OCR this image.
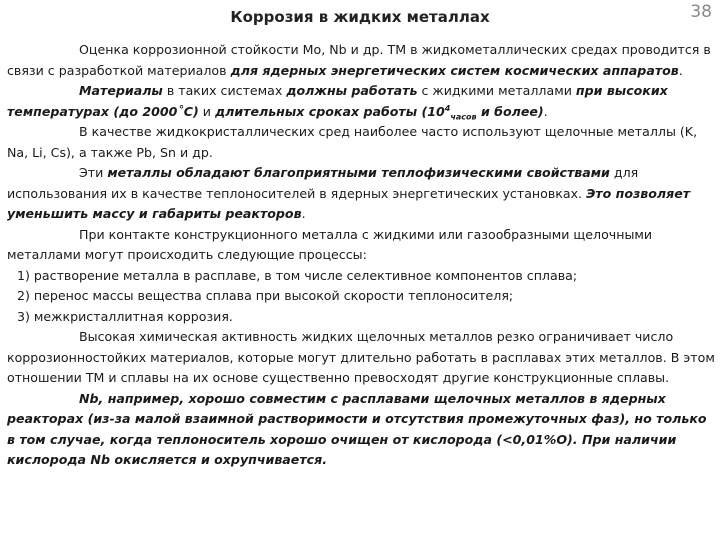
Коррозия в жидких металлах	38

Оценка коррозионной стойкости Mo, Nb и др. ТМ в жидкометаллических средах проводится в связи с разработкой материалов для ядерных энергетических систем космических аппаратов.

Материалы в таких системах должны работать с жидкими металлами при высоких температурах (до 2000˚С) и длительных сроках работы ($10^4_{часов}$ и более).

В качестве жидкокристаллических сред наиболее часто используют щелочные металлы (K, Na, Li, Cs), а также Pb, Sn и др.

Эти металлы обладают благоприятными теплофизическими свойствами для использования их в качестве теплоносителей в ядерных энергетических установках. Это позволяет уменьшить массу и габариты реакторов.

При контакте конструкционного металла с жидкими или газообразными щелочными металлами могут происходить следующие процессы:

1) растворение металла в расплаве, в том числе селективное компонентов сплава;

2) перенос массы вещества сплава при высокой скорости теплоносителя;

3) межкристаллитная коррозия.

Высокая химическая активность жидких щелочных металлов резко ограничивает число коррозионностойких материалов, которые могут длительно работать в расплавах этих металлов. В этом отношении ТМ и сплавы на их основе существенно превосходят другие конструкционные сплавы.

Nb, например, хорошо совместим с расплавами щелочных металлов в ядерных реакторах (из-за малой взаимной растворимости и отсутствия промежуточных фаз), но только в том случае, когда теплоноситель хорошо очищен от кислорода (<0,01%О). При наличии кислорода Nb окисляется и охрупчивается.
